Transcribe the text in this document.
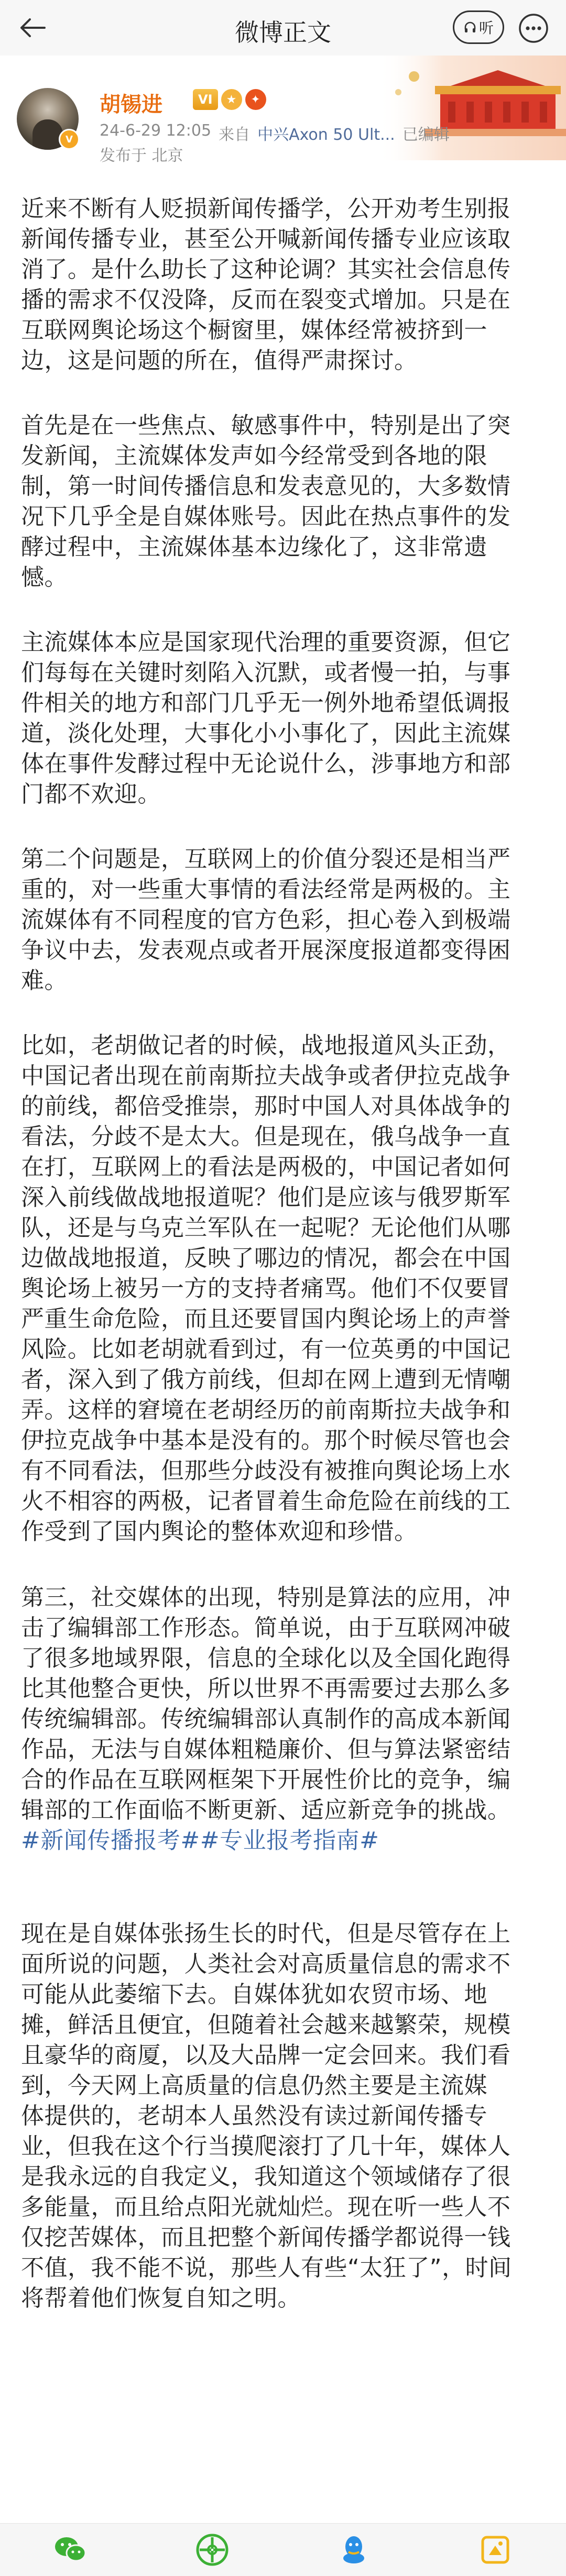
微博正文	听
V
胡锡进	VI	★	✦
24-6-29 12:05 来自 中兴Axon 50 Ult... 已编辑
发布于 北京
近来不断有人贬损新闻传播学，公开劝考生别报
新闻传播专业，甚至公开喊新闻传播专业应该取
消了。是什么助长了这种论调？其实社会信息传
播的需求不仅没降，反而在裂变式增加。只是在
互联网舆论场这个橱窗里，媒体经常被挤到一
边，这是问题的所在，值得严肃探讨。
首先是在一些焦点、敏感事件中，特别是出了突
发新闻，主流媒体发声如今经常受到各地的限
制，第一时间传播信息和发表意见的，大多数情
况下几乎全是自媒体账号。因此在热点事件的发
酵过程中，主流媒体基本边缘化了，这非常遗
憾。
主流媒体本应是国家现代治理的重要资源，但它
们每每在关键时刻陷入沉默，或者慢一拍，与事
件相关的地方和部门几乎无一例外地希望低调报
道，淡化处理，大事化小小事化了，因此主流媒
体在事件发酵过程中无论说什么，涉事地方和部
门都不欢迎。
第二个问题是，互联网上的价值分裂还是相当严
重的，对一些重大事情的看法经常是两极的。主
流媒体有不同程度的官方色彩，担心卷入到极端
争议中去，发表观点或者开展深度报道都变得困
难。
比如，老胡做记者的时候，战地报道风头正劲，
中国记者出现在前南斯拉夫战争或者伊拉克战争
的前线，都倍受推崇，那时中国人对具体战争的
看法，分歧不是太大。但是现在，俄乌战争一直
在打，互联网上的看法是两极的，中国记者如何
深入前线做战地报道呢？他们是应该与俄罗斯军
队，还是与乌克兰军队在一起呢？无论他们从哪
边做战地报道，反映了哪边的情况，都会在中国
舆论场上被另一方的支持者痛骂。他们不仅要冒
严重生命危险，而且还要冒国内舆论场上的声誉
风险。比如老胡就看到过，有一位英勇的中国记
者，深入到了俄方前线，但却在网上遭到无情嘲
弄。这样的窘境在老胡经历的前南斯拉夫战争和
伊拉克战争中基本是没有的。那个时候尽管也会
有不同看法，但那些分歧没有被推向舆论场上水
火不相容的两极，记者冒着生命危险在前线的工
作受到了国内舆论的整体欢迎和珍惜。
第三，社交媒体的出现，特别是算法的应用，冲
击了编辑部工作形态。简单说，由于互联网冲破
了很多地域界限，信息的全球化以及全国化跑得
比其他整合更快，所以世界不再需要过去那么多
传统编辑部。传统编辑部认真制作的高成本新闻
作品，无法与自媒体粗糙廉价、但与算法紧密结
合的作品在互联网框架下开展性价比的竞争，编
辑部的工作面临不断更新、适应新竞争的挑战。
#新闻传播报考##专业报考指南#
现在是自媒体张扬生长的时代，但是尽管存在上
面所说的问题，人类社会对高质量信息的需求不
可能从此萎缩下去。自媒体犹如农贸市场、地
摊，鲜活且便宜，但随着社会越来越繁荣，规模
且豪华的商厦，以及大品牌一定会回来。我们看
到，今天网上高质量的信息仍然主要是主流媒
体提供的，老胡本人虽然没有读过新闻传播专
业，但我在这个行当摸爬滚打了几十年，媒体人
是我永远的自我定义，我知道这个领域储存了很
多能量，而且给点阳光就灿烂。现在听一些人不
仅挖苦媒体，而且把整个新闻传播学都说得一钱
不值，我不能不说，那些人有些“太狂了”，时间
将帮着他们恢复自知之明。
